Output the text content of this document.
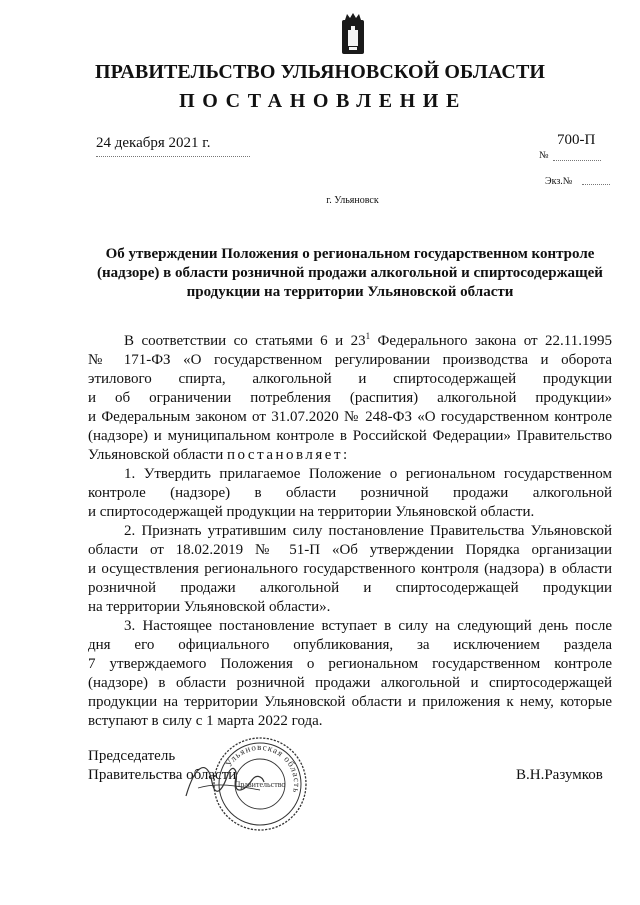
ПРАВИТЕЛЬСТВО УЛЬЯНОВСКОЙ ОБЛАСТИ
ПОСТАНОВЛЕНИЕ
24 декабря 2021 г.	700-П
№
Экз.№
г. Ульяновск
Об утверждении Положения о региональном государственном контроле
(надзоре) в области розничной продажи алкогольной и спиртосодержащей
продукции на территории Ульяновской области
В соответствии со статьями 6 и $23^1$ Федерального закона от 22.11.1995
№ 171-ФЗ «О государственном регулировании производства и оборота
этилового спирта, алкогольной и спиртосодержащей продукции
и об ограничении потребления (распития) алкогольной продукции»
и Федеральным законом от 31.07.2020 № 248-ФЗ «О государственном контроле
(надзоре) и муниципальном контроле в Российской Федерации» Правительство
Ульяновской области постановляет:
1. Утвердить прилагаемое Положение о региональном государственном
контроле (надзоре) в области розничной продажи алкогольной
и спиртосодержащей продукции на территории Ульяновской области.
2. Признать утратившим силу постановление Правительства Ульяновской
области от 18.02.2019 № 51-П «Об утверждении Порядка организации
и осуществления регионального государственного контроля (надзора) в области
розничной продажи алкогольной и спиртосодержащей продукции
на территории Ульяновской области».
3. Настоящее постановление вступает в силу на следующий день после
дня его официального опубликования, за исключением раздела
7 утверждаемого Положения о региональном государственном контроле
(надзоре) в области розничной продажи алкогольной и спиртосодержащей
продукции на территории Ульяновской области и приложения к нему, которые
вступают в силу с 1 марта 2022 года.
Председатель
Правительства области	В.Н.Разумков
Ульяновская область
Правительство
